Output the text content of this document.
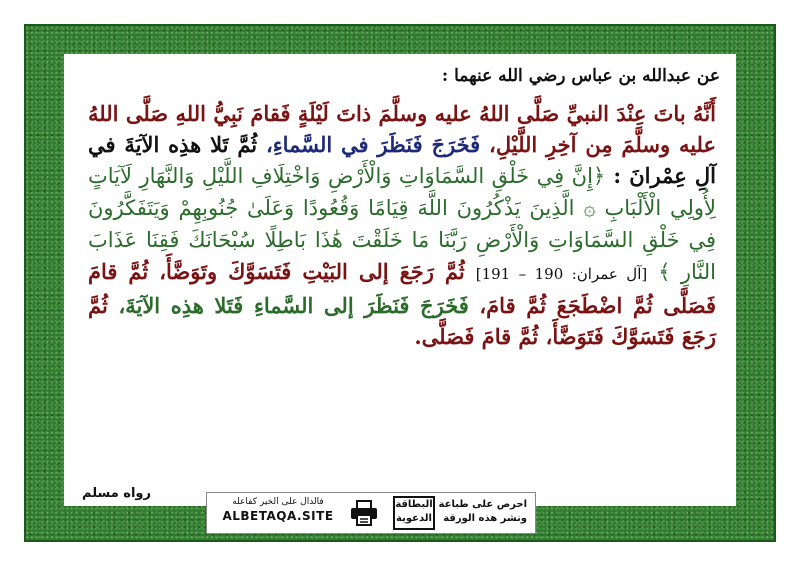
عن عبدالله بن عباس رضي الله عنهما :
أَنَّهُ باتَ عِنْدَ النبيِّ صَلَّى اللهُ عليه وسلَّمَ ذاتَ لَيْلَةٍ فَقامَ نَبِيُّ اللهِ صَلَّى اللهُ عليه وسلَّمَ مِن آخِرِ اللَّيْلِ، فَخَرَجَ فَنَظَرَ في السَّماءِ، ثُمَّ تَلا هذِه الآيَةَ في آلِ عِمْرانَ : ﴿إِنَّ فِي خَلْقِ السَّمَاوَاتِ وَالْأَرْضِ وَاخْتِلَافِ اللَّيْلِ وَالنَّهَارِ لَآيَاتٍ لِأُولِي الْأَلْبَابِ ۞ الَّذِينَ يَذْكُرُونَ اللَّهَ قِيَامًا وَقُعُودًا وَعَلَىٰ جُنُوبِهِمْ وَيَتَفَكَّرُونَ فِي خَلْقِ السَّمَاوَاتِ وَالْأَرْضِ رَبَّنَا مَا خَلَقْتَ هَٰذَا بَاطِلًا سُبْحَانَكَ فَقِنَا عَذَابَ النَّارِ ﴾ [آل عمران: 190 – 191] ثُمَّ رَجَعَ إلى البَيْتِ فَتَسَوَّكَ وتَوَضَّأَ، ثُمَّ قامَ فَصَلَّى ثُمَّ اضْطَجَعَ ثُمَّ قامَ، فَخَرَجَ فَنَظَرَ إلى السَّماءِ فَتَلا هذِه الآيَةَ، ثُمَّ رَجَعَ فَتَسَوَّكَ فَتَوَضَّأَ، ثُمَّ قامَ فَصَلَّى.
رواه مسلم
فالدال على الخير كفاعله
ALBETAQA.SITE
البطاقة الدعوية
احرص على طباعة
ونشر هذه الورقة
